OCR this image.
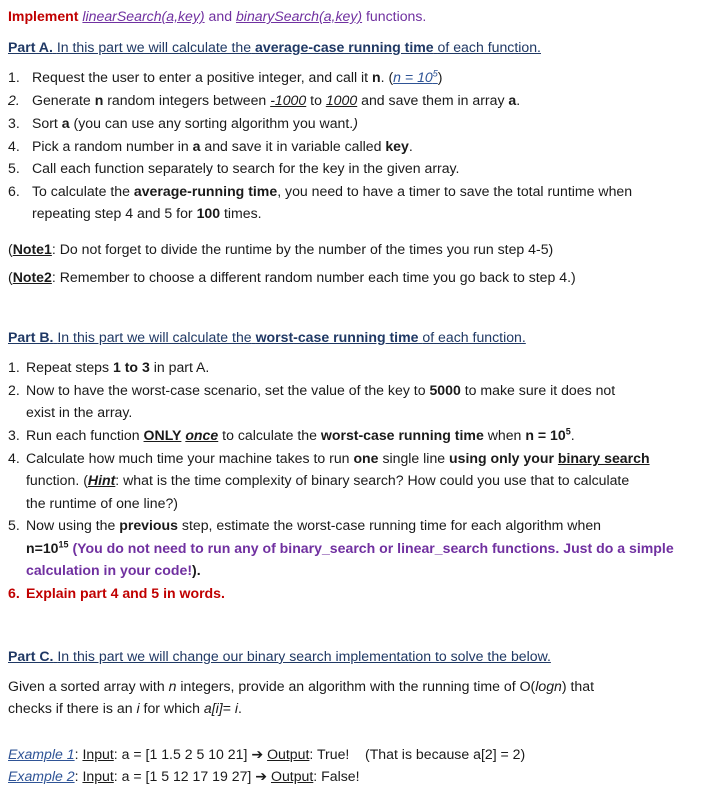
Implement linearSearch(a,key) and binarySearch(a,key) functions.
Part A. In this part we will calculate the average-case running time of each function.
1. Request the user to enter a positive integer, and call it n. $(n = 10^5)$
2. Generate n random integers between -1000 to 1000 and save them in array a.
3. Sort a (you can use any sorting algorithm you want.)
4. Pick a random number in a and save it in variable called key.
5. Call each function separately to search for the key in the given array.
6. To calculate the average-running time, you need to have a timer to save the total runtime when
repeating step 4 and 5 for 100 times.
(Note1: Do not forget to divide the runtime by the number of the times you run step 4-5)
(Note2: Remember to choose a different random number each time you go back to step 4.)
Part B. In this part we will calculate the worst-case running time of each function.
1. Repeat steps 1 to 3 in part A.
2. Now to have the worst-case scenario, set the value of the key to 5000 to make sure it does not
exist in the array.
3. Run each function ONLY once to calculate the worst-case running time when $n = 10^5$.
4. Calculate how much time your machine takes to run one single line using only your binary search
function. (Hint: what is the time complexity of binary search? How could you use that to calculate
the runtime of one line?)
5. Now using the previous step, estimate the worst-case running time for each algorithm when
$n=10^{15}$ (You do not need to run any of binary_search or linear_search functions. Just do a simple
calculation in your code!).
6. Explain part 4 and 5 in words.
Part C. In this part we will change our binary search implementation to solve the below.
Given a sorted array with n integers, provide an algorithm with the running time of O(logn) that
checks if there is an i for which a[i]= i.
Example 1: Input: a = [1 1.5 2 5 10 21] ➔ Output: True! (That is because a[2] = 2)
Example 2: Input: a = [1 5 12 17 19 27] ➔ Output: False!
